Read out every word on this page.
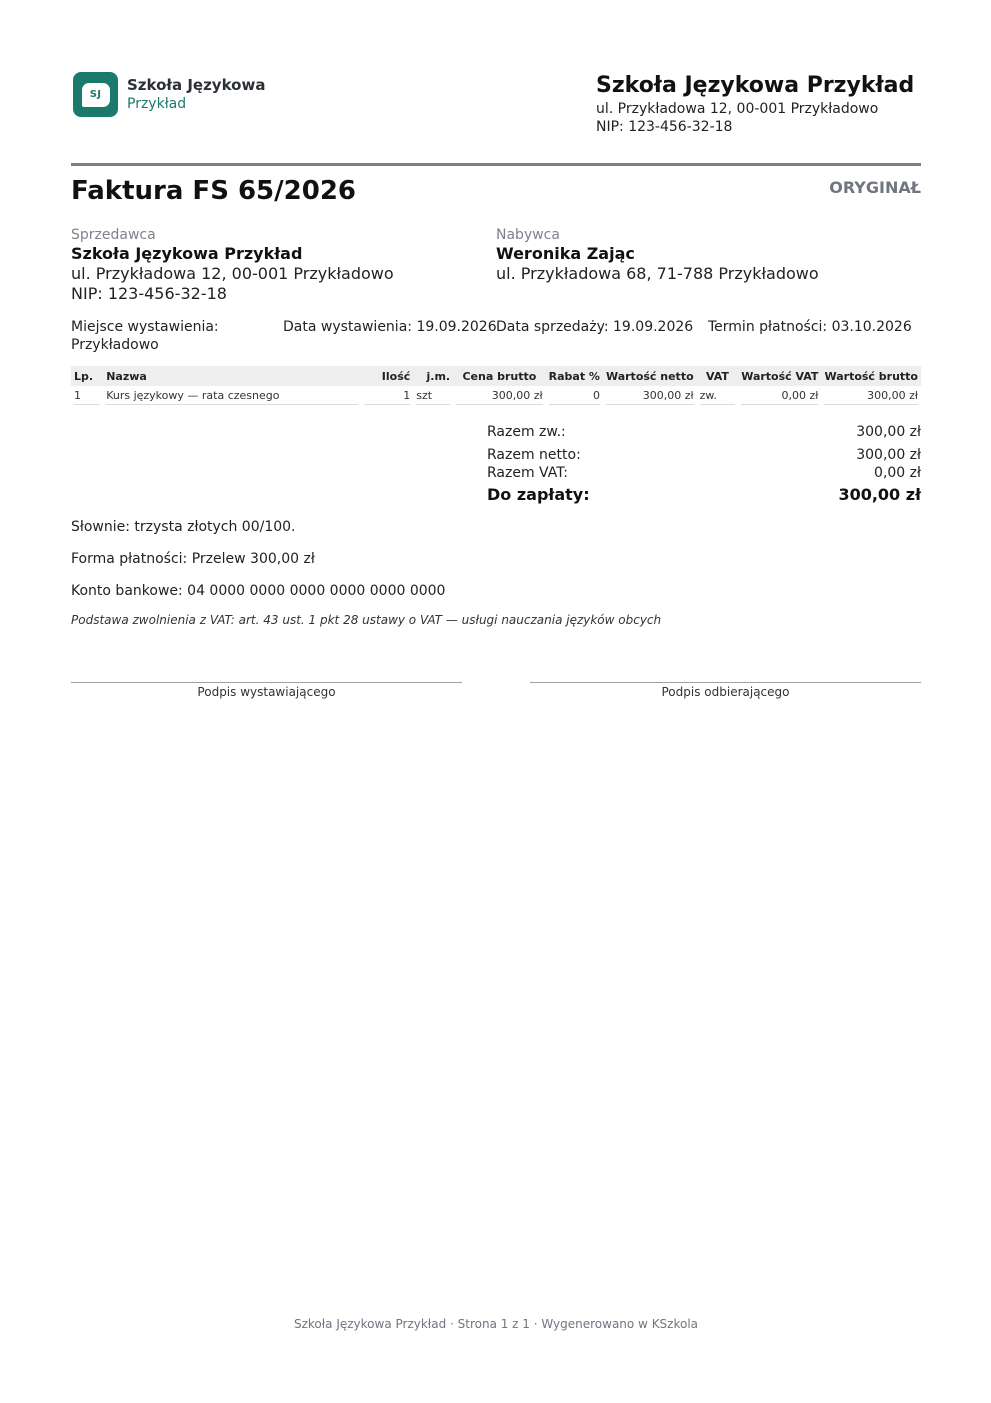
SJ
Szkoła Językowa
Przykład
Szkoła Językowa Przykład
ul. Przykładowa 12, 00-001 Przykładowo
NIP: 123-456-32-18
Faktura FS 65/2026	ORYGINAŁ
Sprzedawca
Szkoła Językowa Przykład
ul. Przykładowa 12, 00-001 Przykładowo
NIP: 123-456-32-18
Nabywca
Weronika Zając
ul. Przykładowa 68, 71-788 Przykładowo
Miejsce wystawienia:
Przykładowo
Data wystawienia: 19.09.2026 Data sprzedaży: 19.09.2026 Termin płatności: 03.10.2026
Lp.	Nazwa	Ilość	j.m.	Cena brutto	Rabat %	Wartość netto	VAT	Wartość VAT	Wartość brutto

1	Kurs językowy — rata czesnego	1	szt	300,00 zł	0	300,00 zł	zw.	0,00 zł	300,00 zł
Razem zw.:	300,00 zł
Razem netto:	300,00 zł
Razem VAT:	0,00 zł
Do zapłaty:	300,00 zł
Słownie: trzysta złotych 00/100.
Forma płatności: Przelew 300,00 zł
Konto bankowe: 04 0000 0000 0000 0000 0000 0000
Podstawa zwolnienia z VAT: art. 43 ust. 1 pkt 28 ustawy o VAT — usługi nauczania języków obcych
Podpis wystawiającego	Podpis odbierającego
Szkoła Językowa Przykład · Strona 1 z 1 · Wygenerowano w KSzkola
